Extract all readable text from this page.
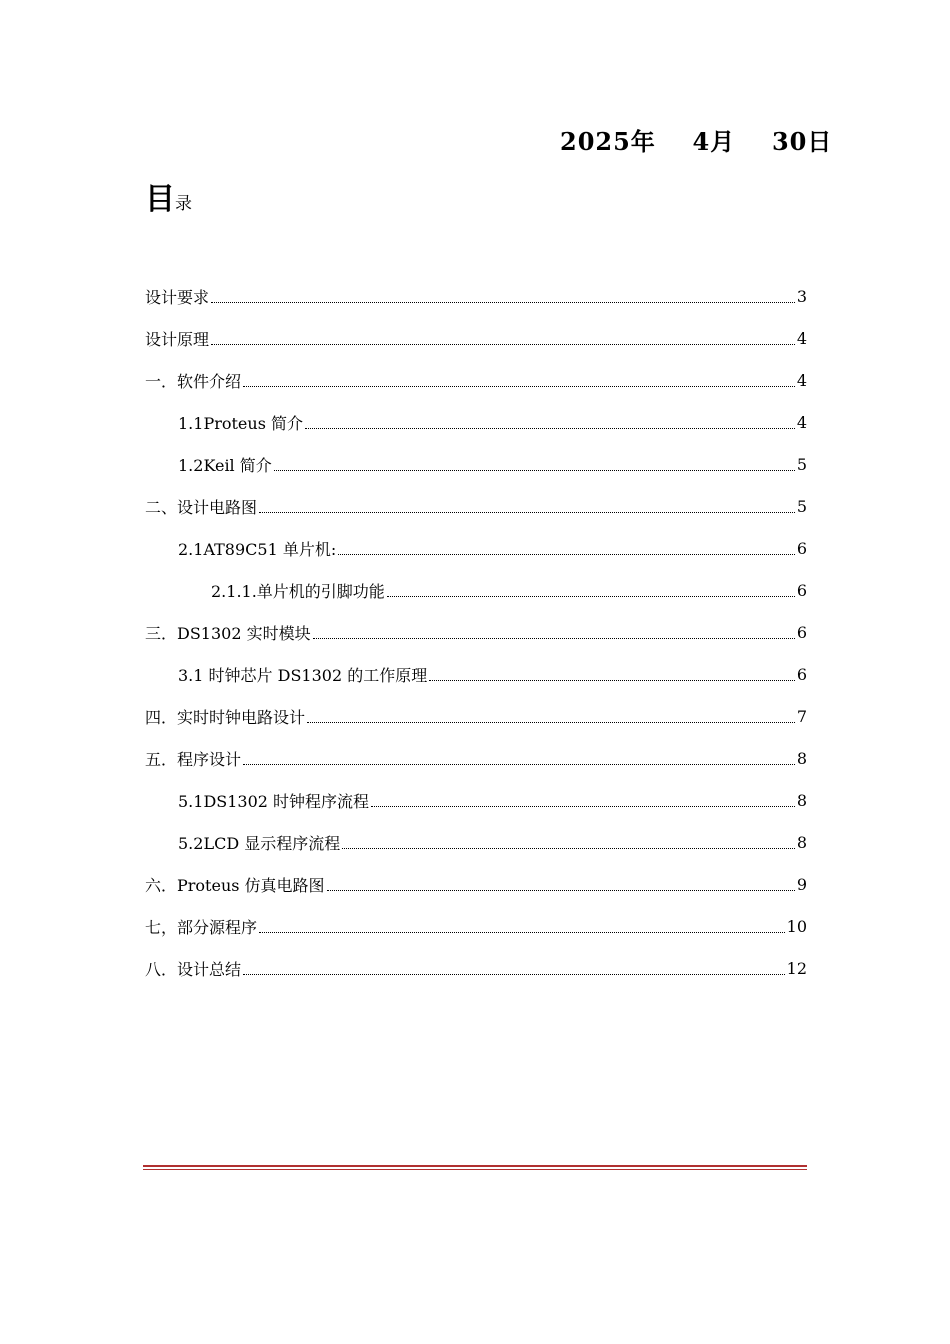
2025年 4月 30日
目录
设计要求	3
设计原理	4
一．软件介绍	4
1.1Proteus 简介	4
1.2Keil 简介	5
二、设计电路图	5
2.1AT89C51 单片机:	6
2.1.1.单片机的引脚功能	6
三．DS1302 实时模块	6
3.1 时钟芯片 DS1302 的工作原理	6
四．实时时钟电路设计	7
五．程序设计	8
5.1DS1302 时钟程序流程	8
5.2LCD 显示程序流程	8
六．Proteus 仿真电路图	9
七，部分源程序	10
八．设计总结	12
